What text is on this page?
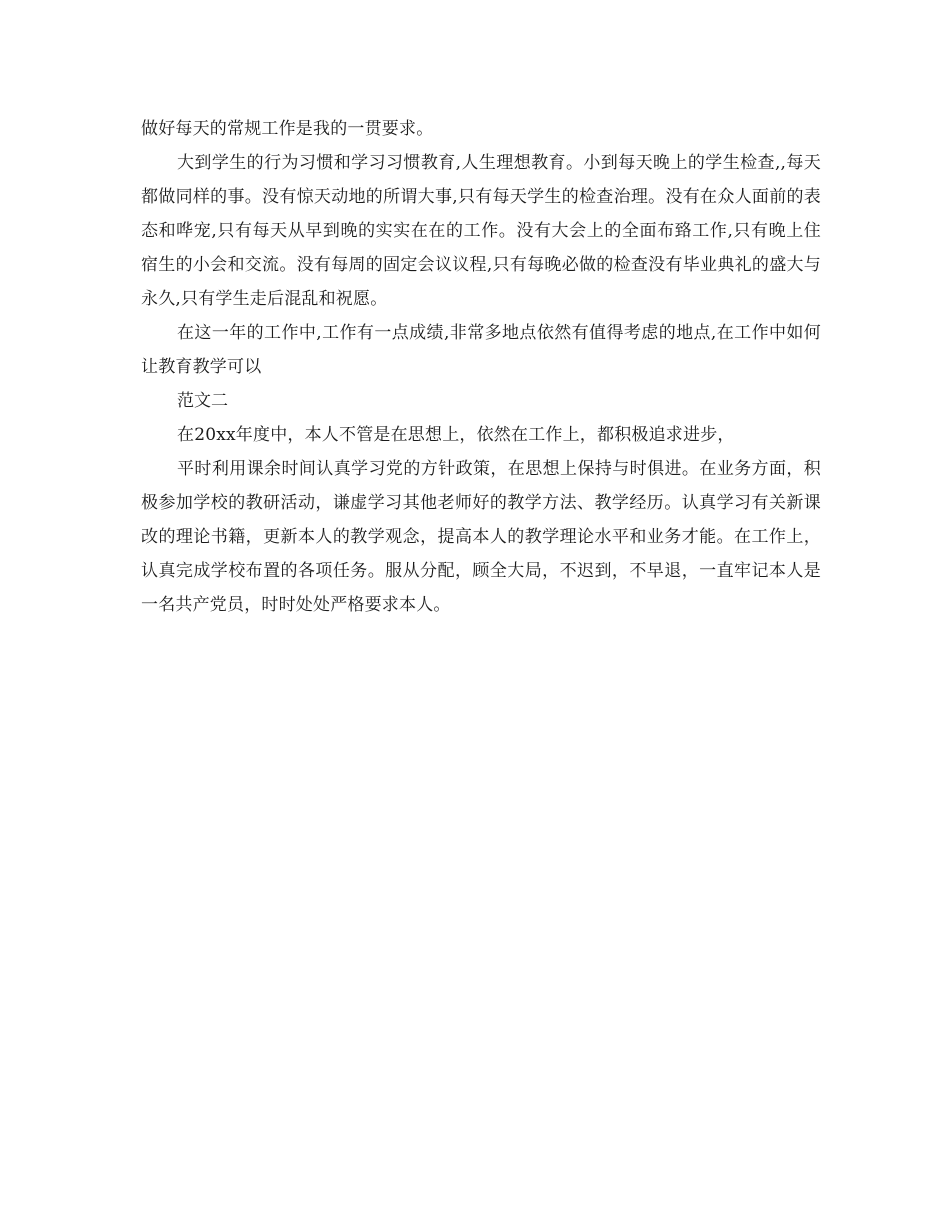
做好每天的常规工作是我的一贯要求。

大到学生的行为习惯和学习习惯教育,人生理想教育。小到每天晚上的学生检查,,每天都做同样的事。没有惊天动地的所谓大事,只有每天学生的检查治理。没有在众人面前的表态和哗宠,只有每天从早到晚的实实在在的工作。没有大会上的全面布臵工作,只有晚上住宿生的小会和交流。没有每周的固定会议议程,只有每晚必做的检查没有毕业典礼的盛大与永久,只有学生走后混乱和祝愿。

在这一年的工作中,工作有一点成绩,非常多地点依然有值得考虑的地点,在工作中如何让教育教学可以

范文二

在20xx年度中，本人不管是在思想上，依然在工作上，都积极追求进步，

平时利用课余时间认真学习党的方针政策，在思想上保持与时俱进。在业务方面，积极参加学校的教研活动，谦虚学习其他老师好的教学方法、教学经历。认真学习有关新课改的理论书籍，更新本人的教学观念，提高本人的教学理论水平和业务才能。在工作上，认真完成学校布置的各项任务。服从分配，顾全大局，不迟到，不早退，一直牢记本人是一名共产党员，时时处处严格要求本人。
